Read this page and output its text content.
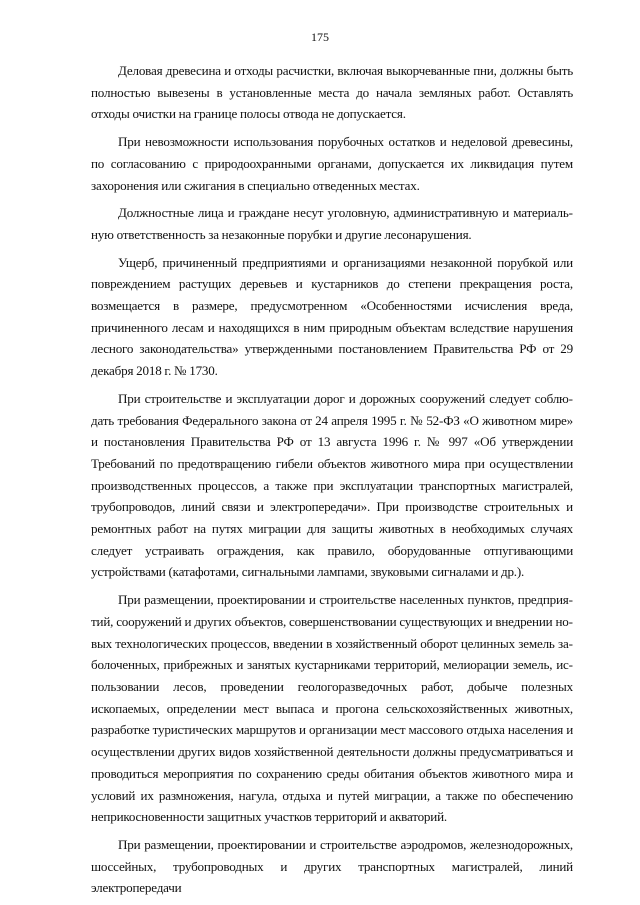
175

Деловая древесина и отходы расчистки, включая выкорчеванные пни, должны быть полностью вывезены в установленные места до начала земляных работ. Оставлять отходы очистки на границе полосы отвода не допускается.

При невозможности использования порубочных остатков и неделовой древесины, по согласованию с природоохранными органами, допускается их ликвидация путем захоронения или сжигания в специально отведенных местах.

Должностные лица и граждане несут уголовную, административную и материальную ответственность за незаконные порубки и другие лесонарушения.

Ущерб, причиненный предприятиями и организациями незаконной порубкой или повреждением растущих деревьев и кустарников до степени прекращения роста, возмещается в размере, предусмотренном «Особенностями исчисления вреда, причиненного лесам и находящихся в ним природным объектам вследствие нарушения лесного законодательства» утвержденными постановлением Правительства РФ от 29 декабря 2018 г. № 1730.

При строительстве и эксплуатации дорог и дорожных сооружений следует соблюдать требования Федерального закона от 24 апреля 1995 г. № 52-ФЗ «О животном мире» и постановления Правительства РФ от 13 августа 1996 г. № 997 «Об утверждении Требований по предотвращению гибели объектов животного мира при осуществлении производственных процессов, а также при эксплуатации транспортных магистралей, трубопроводов, линий связи и электропередачи». При производстве строительных и ремонтных работ на путях миграции для защиты животных в необходимых случаях следует устраивать ограждения, как правило, оборудованные отпугивающими устройствами (катафотами, сигнальными лампами, звуковыми сигналами и др.).

При размещении, проектировании и строительстве населенных пунктов, предприятий, сооружений и других объектов, совершенствовании существующих и внедрении новых технологических процессов, введении в хозяйственный оборот целинных земель заболоченных, прибрежных и занятых кустарниками территорий, мелиорации земель, использовании лесов, проведении геологоразведочных работ, добыче полезных ископаемых, определении мест выпаса и прогона сельскохозяйственных животных, разработке туристических маршрутов и организации мест массового отдыха населения и осуществлении других видов хозяйственной деятельности должны предусматриваться и проводиться мероприятия по сохранению среды обитания объектов животного мира и условий их размножения, нагула, отдыха и путей миграции, а также по обеспечению неприкосновенности защитных участков территорий и акваторий.

При размещении, проектировании и строительстве аэродромов, железнодорожных, шоссейных, трубопроводных и других транспортных магистралей, линий электропередачи
